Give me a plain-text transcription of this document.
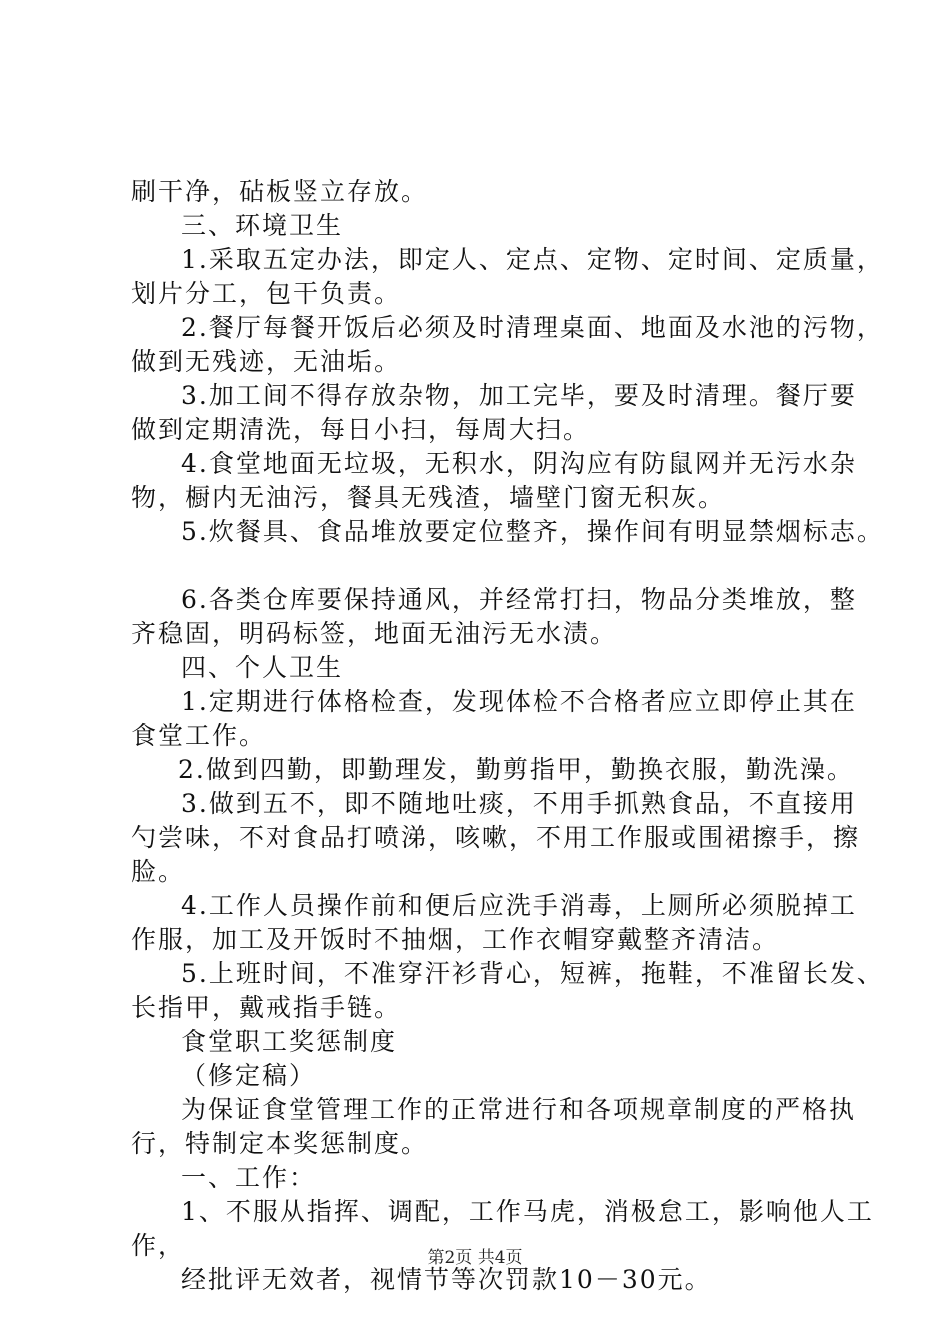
刷干净，砧板竖立存放。
三、环境卫生
1.采取五定办法，即定人、定点、定物、定时间、定质量，
划片分工，包干负责。
2.餐厅每餐开饭后必须及时清理桌面、地面及水池的污物，
做到无残迹，无油垢。
3.加工间不得存放杂物，加工完毕，要及时清理。餐厅要
做到定期清洗，每日小扫，每周大扫。
4.食堂地面无垃圾，无积水，阴沟应有防鼠网并无污水杂
物，橱内无油污，餐具无残渣，墙壁门窗无积灰。
5.炊餐具、食品堆放要定位整齐，操作间有明显禁烟标志。
6.各类仓库要保持通风，并经常打扫，物品分类堆放，整
齐稳固，明码标签，地面无油污无水渍。
四、个人卫生
1.定期进行体格检查，发现体检不合格者应立即停止其在
食堂工作。
2.做到四勤，即勤理发，勤剪指甲，勤换衣服，勤洗澡。
3.做到五不，即不随地吐痰，不用手抓熟食品，不直接用
勺尝味，不对食品打喷涕，咳嗽，不用工作服或围裙擦手，擦
脸。
4.工作人员操作前和便后应洗手消毒，上厕所必须脱掉工
作服，加工及开饭时不抽烟，工作衣帽穿戴整齐清洁。
5.上班时间，不准穿汗衫背心，短裤，拖鞋，不准留长发、
长指甲，戴戒指手链。
食堂职工奖惩制度
（修定稿）
为保证食堂管理工作的正常进行和各项规章制度的严格执
行，特制定本奖惩制度。
一、工作：
1、不服从指挥、调配，工作马虎，消极怠工，影响他人工
作，
经批评无效者，视情节等次罚款10－30元。
第2页 共4页
